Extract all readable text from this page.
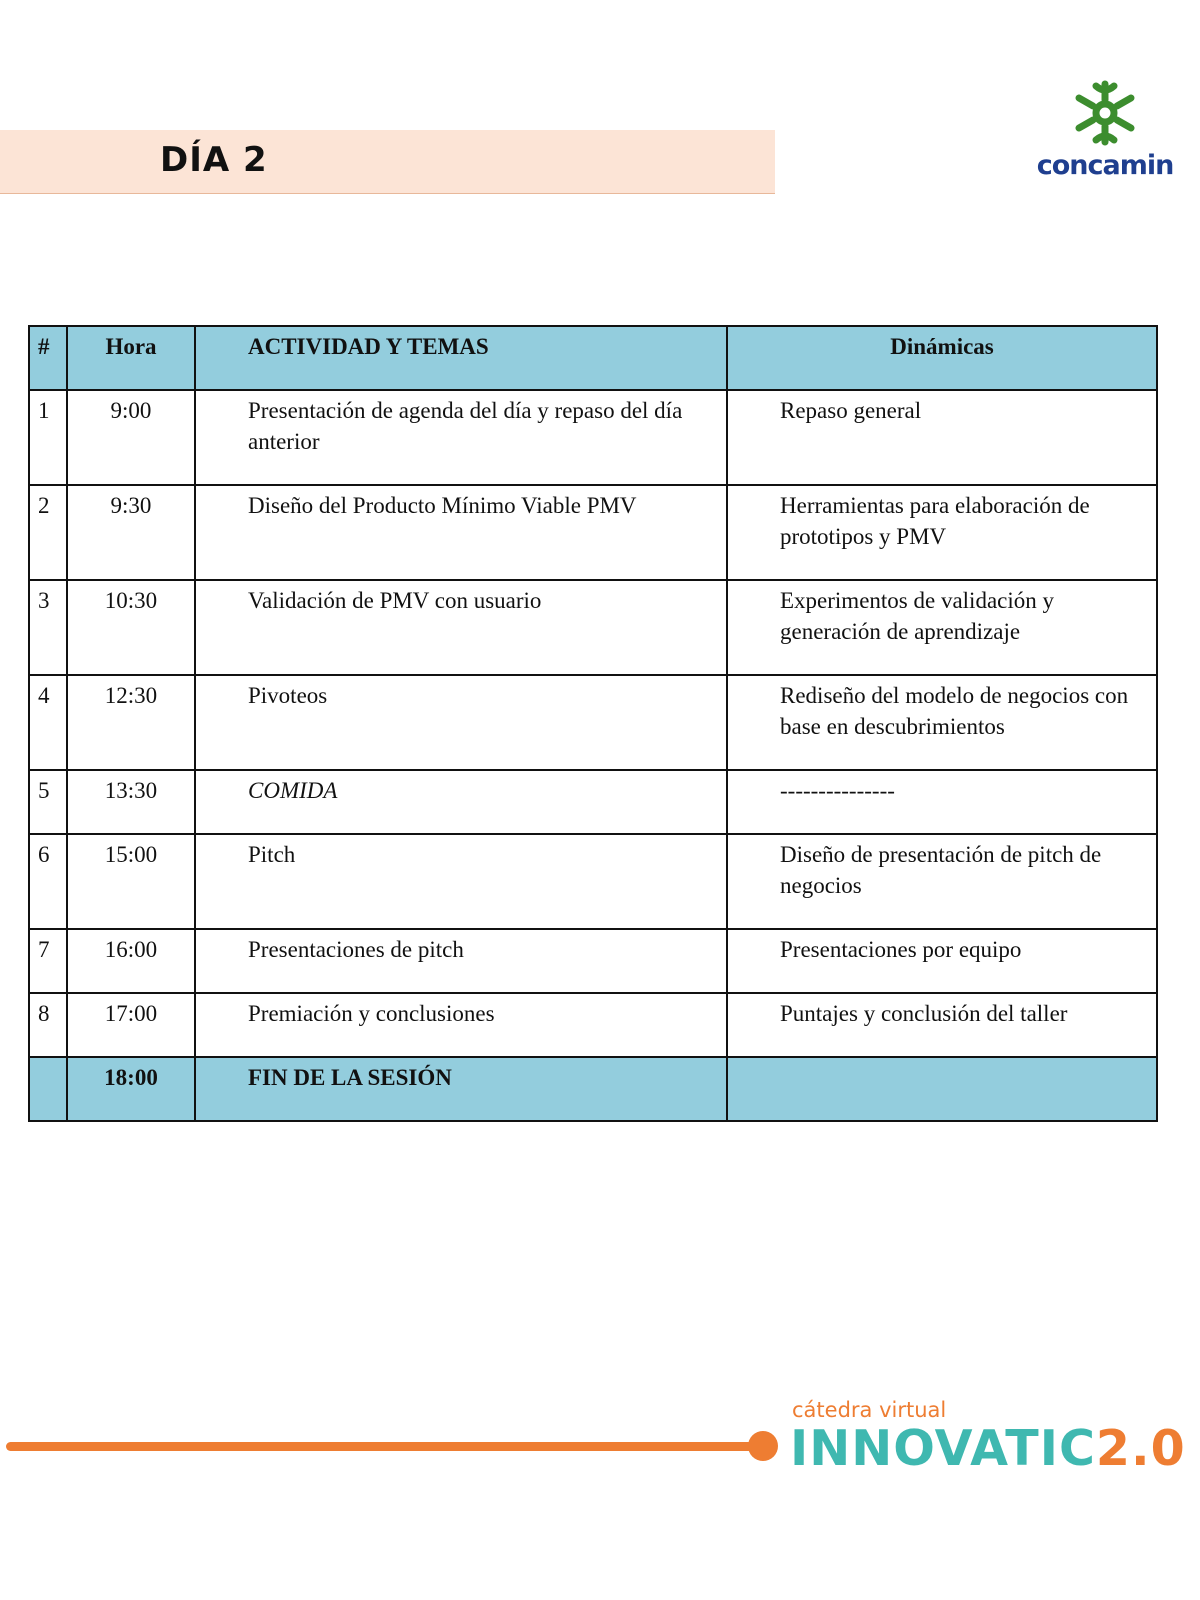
DÍA 2	concamin
#	Hora	ACTIVIDAD Y TEMAS	Dinámicas
1	9:00	Presentación de agenda del día y repaso del día anterior	Repaso general
2	9:30	Diseño del Producto Mínimo Viable PMV	Herramientas para elaboración de prototipos y PMV
3	10:30	Validación de PMV con usuario	Experimentos de validación y generación de aprendizaje
4	12:30	Pivoteos	Rediseño del modelo de negocios con base en descubrimientos
5	13:30	COMIDA	---------------
6	15:00	Pitch	Diseño de presentación de pitch de negocios
7	16:00	Presentaciones de pitch	Presentaciones por equipo
8	17:00	Premiación y conclusiones	Puntajes y conclusión del taller
	18:00	FIN DE LA SESIÓN	
cátedra virtual
INNOVATIC2.0
